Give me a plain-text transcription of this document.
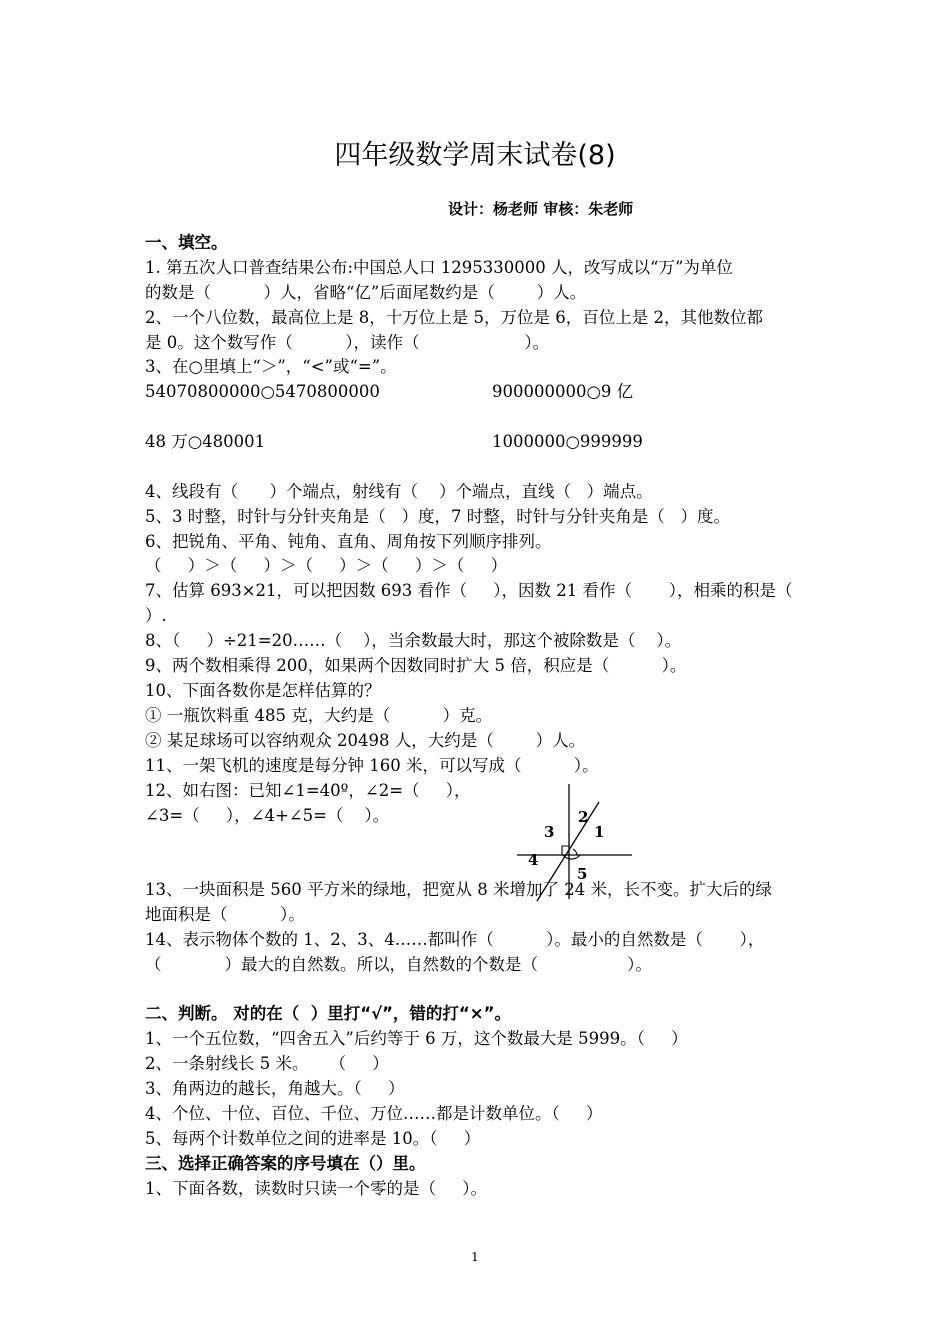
四年级数学周末试卷(8)
设计：杨老师 审核：朱老师
一、填空。
1. 第五次人口普查结果公布:中国总人口 1295330000 人，改写成以“万”为单位
的数是（          ）人，省略“亿”后面尾数约是（        ）人。
2、一个八位数，最高位上是 8，十万位上是 5，万位是 6，百位上是 2，其他数位都
是 0。这个数写作（          ），读作（                    ）。
3、在○里填上“＞”，“<”或“=”。
54070800000○5470800000	900000000○9 亿
48 万○480001	1000000○999999
4、线段有（      ）个端点，射线有（    ）个端点，直线（   ）端点。
5、3 时整，时针与分针夹角是（   ）度，7 时整，时针与分针夹角是（   ）度。
6、把锐角、平角、钝角、直角、周角按下列顺序排列。
（     ）＞（     ）＞（     ）＞（     ）＞（     ）
7、估算 693×21，可以把因数 693 看作（     ），因数 21 看作（       ），相乘的积是（
）.
8、（     ）÷21=20……（    ），当余数最大时，那这个被除数是（    ）。
9、两个数相乘得 200，如果两个因数同时扩大 5 倍，积应是（          ）。
10、下面各数你是怎样估算的？
① 一瓶饮料重 485 克，大约是（          ）克。
② 某足球场可以容纳观众 20498 人，大约是（        ）人。
11、一架飞机的速度是每分钟 160 米，可以写成（          ）。
12、如右图：已知∠1=40º，∠2=（     ），
∠3=（     ），∠4+∠5=（    ）。
1
2
3
4
5
13、一块面积是 560 平方米的绿地，把宽从 8 米增加了 24 米，长不变。扩大后的绿
地面积是（          ）。
14、表示物体个数的 1、2、3、4……都叫作（          ）。最小的自然数是（       ），
（            ）最大的自然数。所以，自然数的个数是（                 ）。
二、判断。 对的在（  ）里打“√”，错的打“×”。
1、一个五位数，“四舍五入”后约等于 6 万，这个数最大是 5999。（     ）
2、一条射线长 5 米。    （     ）
3、角两边的越长，角越大。（     ）
4、个位、十位、百位、千位、万位……都是计数单位。（     ）
5、每两个计数单位之间的进率是 10。（     ）
三、选择正确答案的序号填在（）里。
1、下面各数，读数时只读一个零的是（     ）。
1
